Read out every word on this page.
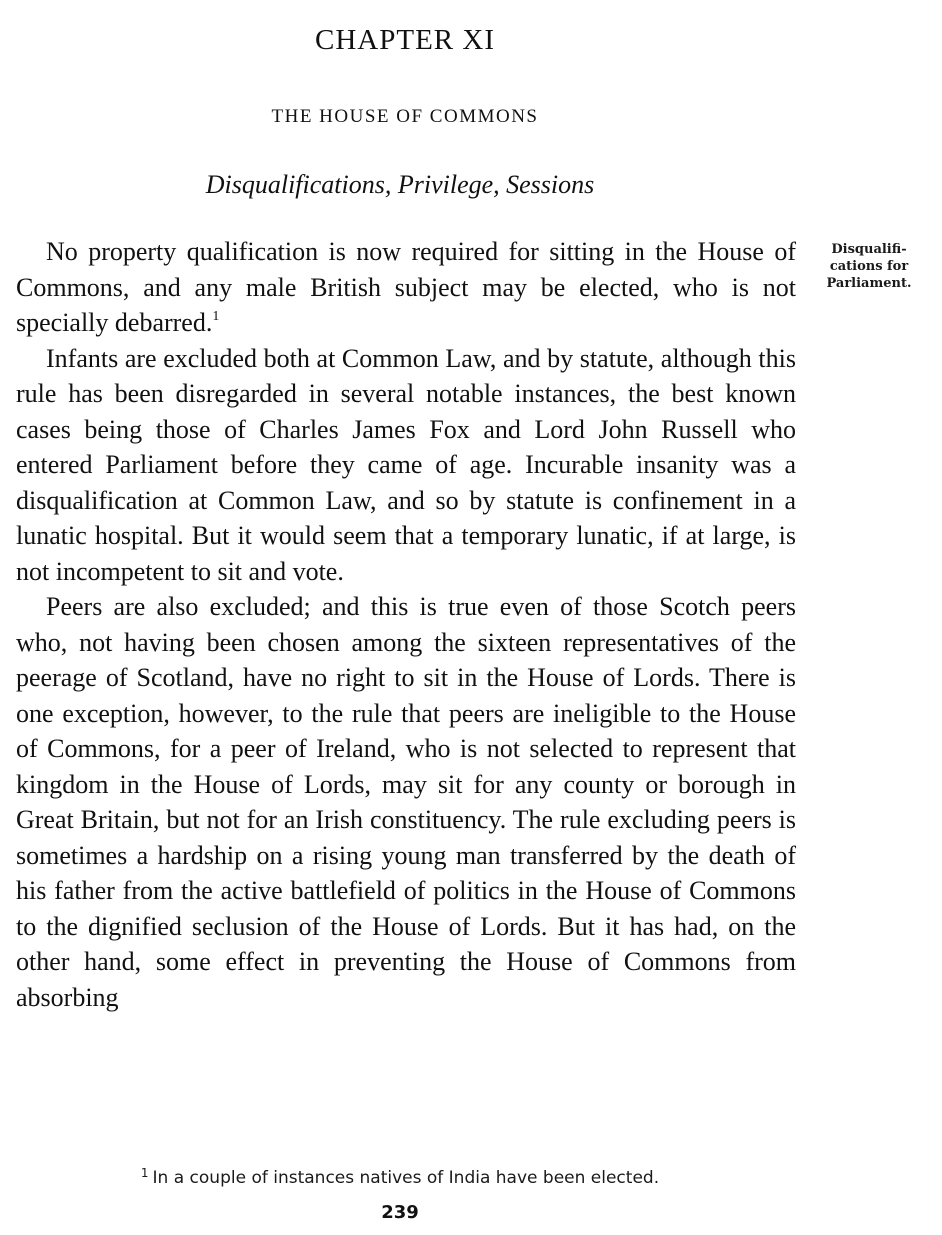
CHAPTER XI
THE HOUSE OF COMMONS
Disqualifications, Privilege, Sessions
Disqualifi-
cations for
Parliament.

No property qualification is now required for sitting in the House of Commons, and any male British subject may be elected, who is not specially debarred.$^1$

Infants are excluded both at Common Law, and by statute, although this rule has been disregarded in several notable instances, the best known cases being those of Charles James Fox and Lord John Russell who entered Parliament before they came of age. Incurable insanity was a disqualification at Common Law, and so by statute is confinement in a lunatic hospital. But it would seem that a temporary lunatic, if at large, is not incompetent to sit and vote.

Peers are also excluded; and this is true even of those Scotch peers who, not having been chosen among the sixteen representatives of the peerage of Scotland, have no right to sit in the House of Lords. There is one exception, however, to the rule that peers are ineligible to the House of Commons, for a peer of Ireland, who is not selected to represent that kingdom in the House of Lords, may sit for any county or borough in Great Britain, but not for an Irish constituency. The rule excluding peers is sometimes a hardship on a rising young man transferred by the death of his father from the active battlefield of politics in the House of Commons to the dignified seclusion of the House of Lords. But it has had, on the other hand, some effect in preventing the House of Commons from absorbing

$^1$ In a couple of instances natives of India have been elected.
239
